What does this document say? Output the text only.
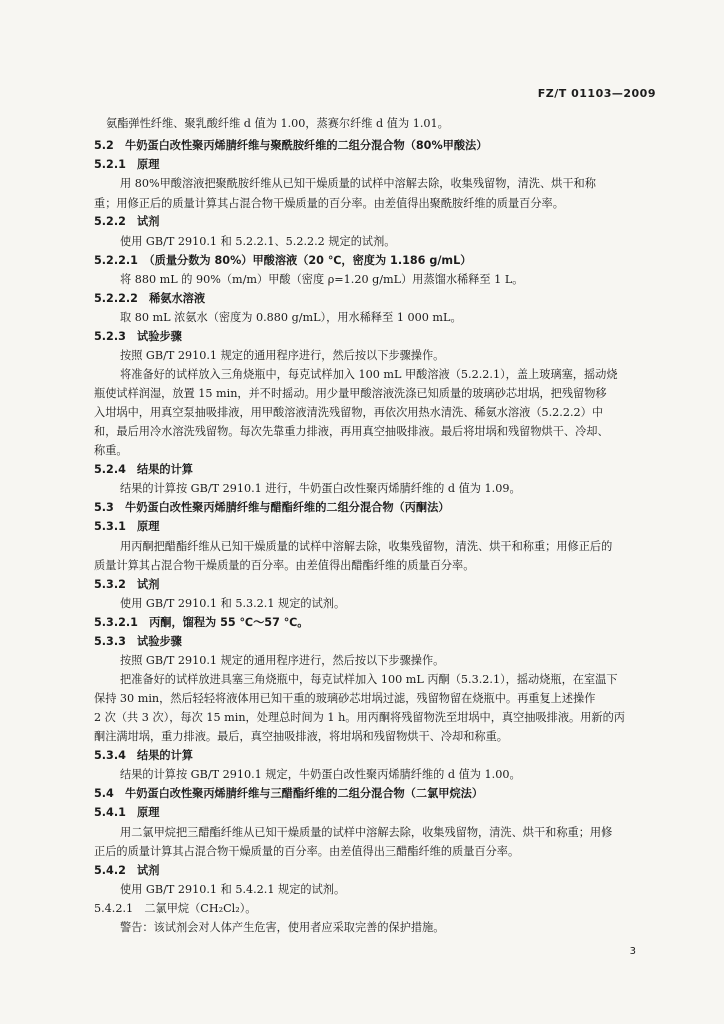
FZ/T 01103—2009
氨酯弹性纤维、聚乳酸纤维 d 值为 1.00，蒸赛尔纤维 d 值为 1.01。
5.2　牛奶蛋白改性聚丙烯腈纤维与聚酰胺纤维的二组分混合物（80%甲酸法）
5.2.1　原理
用 80%甲酸溶液把聚酰胺纤维从已知干燥质量的试样中溶解去除，收集残留物，清洗、烘干和称
重；用修正后的质量计算其占混合物干燥质量的百分率。由差值得出聚酰胺纤维的质量百分率。
5.2.2　试剂
使用 GB/T 2910.1 和 5.2.2.1、5.2.2.2 规定的试剂。
5.2.2.1　（质量分数为 80%）甲酸溶液（20 ℃，密度为 1.186 g/mL）
将 880 mL 的 90%（m/m）甲酸（密度 ρ=1.20 g/mL）用蒸馏水稀释至 1 L。
5.2.2.2　稀氨水溶液
取 80 mL 浓氨水（密度为 0.880 g/mL），用水稀释至 1 000 mL。
5.2.3　试验步骤
按照 GB/T 2910.1 规定的通用程序进行，然后按以下步骤操作。
将准备好的试样放入三角烧瓶中，每克试样加入 100 mL 甲酸溶液（5.2.2.1），盖上玻璃塞，摇动烧
瓶使试样润湿，放置 15 min，并不时摇动。用少量甲酸溶液洗涤已知质量的玻璃砂芯坩埚，把残留物移
入坩埚中，用真空泵抽吸排液，用甲酸溶液清洗残留物，再依次用热水清洗、稀氨水溶液（5.2.2.2）中
和，最后用冷水溶洗残留物。每次先靠重力排液，再用真空抽吸排液。最后将坩埚和残留物烘干、冷却、
称重。
5.2.4　结果的计算
结果的计算按 GB/T 2910.1 进行，牛奶蛋白改性聚丙烯腈纤维的 d 值为 1.09。
5.3　牛奶蛋白改性聚丙烯腈纤维与醋酯纤维的二组分混合物（丙酮法）
5.3.1　原理
用丙酮把醋酯纤维从已知干燥质量的试样中溶解去除，收集残留物，清洗、烘干和称重；用修正后的
质量计算其占混合物干燥质量的百分率。由差值得出醋酯纤维的质量百分率。
5.3.2　试剂
使用 GB/T 2910.1 和 5.3.2.1 规定的试剂。
5.3.2.1　丙酮，馏程为 55 ℃～57 ℃。
5.3.3　试验步骤
按照 GB/T 2910.1 规定的通用程序进行，然后按以下步骤操作。
把准备好的试样放进具塞三角烧瓶中，每克试样加入 100 mL 丙酮（5.3.2.1），摇动烧瓶，在室温下
保持 30 min，然后轻轻将液体用已知干重的玻璃砂芯坩埚过滤，残留物留在烧瓶中。再重复上述操作
2 次（共 3 次），每次 15 min，处理总时间为 1 h。用丙酮将残留物洗至坩埚中，真空抽吸排液。用新的丙
酮注满坩埚，重力排液。最后，真空抽吸排液，将坩埚和残留物烘干、冷却和称重。
5.3.4　结果的计算
结果的计算按 GB/T 2910.1 规定，牛奶蛋白改性聚丙烯腈纤维的 d 值为 1.00。
5.4　牛奶蛋白改性聚丙烯腈纤维与三醋酯纤维的二组分混合物（二氯甲烷法）
5.4.1　原理
用二氯甲烷把三醋酯纤维从已知干燥质量的试样中溶解去除，收集残留物，清洗、烘干和称重；用修
正后的质量计算其占混合物干燥质量的百分率。由差值得出三醋酯纤维的质量百分率。
5.4.2　试剂
使用 GB/T 2910.1 和 5.4.2.1 规定的试剂。
5.4.2.1　二氯甲烷（CH₂Cl₂）。
警告：该试剂会对人体产生危害，使用者应采取完善的保护措施。
3
